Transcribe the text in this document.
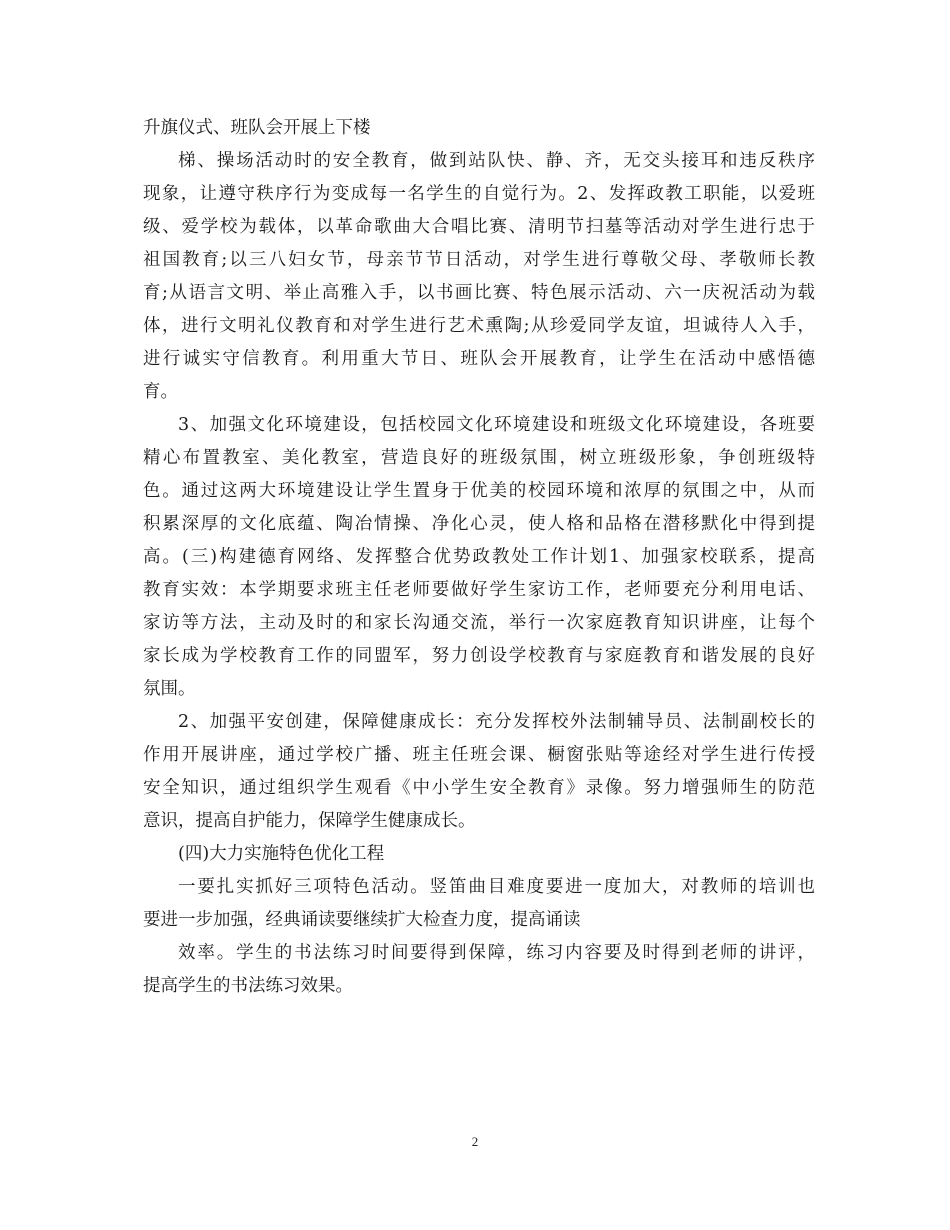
升旗仪式、班队会开展上下楼
梯、操场活动时的安全教育，做到站队快、静、齐，无交头接耳和违反秩序
现象，让遵守秩序行为变成每一名学生的自觉行为。2、发挥政教工职能，以爱班
级、爱学校为载体，以革命歌曲大合唱比赛、清明节扫墓等活动对学生进行忠于
祖国教育;以三八妇女节，母亲节节日活动，对学生进行尊敬父母、孝敬师长教
育;从语言文明、举止高雅入手，以书画比赛、特色展示活动、六一庆祝活动为载
体，进行文明礼仪教育和对学生进行艺术熏陶;从珍爱同学友谊，坦诚待人入手，
进行诚实守信教育。利用重大节日、班队会开展教育，让学生在活动中感悟德
育。
3、加强文化环境建设，包括校园文化环境建设和班级文化环境建设，各班要
精心布置教室、美化教室，营造良好的班级氛围，树立班级形象，争创班级特
色。通过这两大环境建设让学生置身于优美的校园环境和浓厚的氛围之中，从而
积累深厚的文化底蕴、陶冶情操、净化心灵，使人格和品格在潜移默化中得到提
高。(三)构建德育网络、发挥整合优势政教处工作计划1、加强家校联系，提高
教育实效：本学期要求班主任老师要做好学生家访工作，老师要充分利用电话、
家访等方法，主动及时的和家长沟通交流，举行一次家庭教育知识讲座，让每个
家长成为学校教育工作的同盟军，努力创设学校教育与家庭教育和谐发展的良好
氛围。
2、加强平安创建，保障健康成长：充分发挥校外法制辅导员、法制副校长的
作用开展讲座，通过学校广播、班主任班会课、橱窗张贴等途经对学生进行传授
安全知识，通过组织学生观看《中小学生安全教育》录像。努力增强师生的防范
意识，提高自护能力，保障学生健康成长。
(四)大力实施特色优化工程
一要扎实抓好三项特色活动。竖笛曲目难度要进一度加大，对教师的培训也
要进一步加强，经典诵读要继续扩大检查力度，提高诵读
效率。学生的书法练习时间要得到保障，练习内容要及时得到老师的讲评，
提高学生的书法练习效果。
2
